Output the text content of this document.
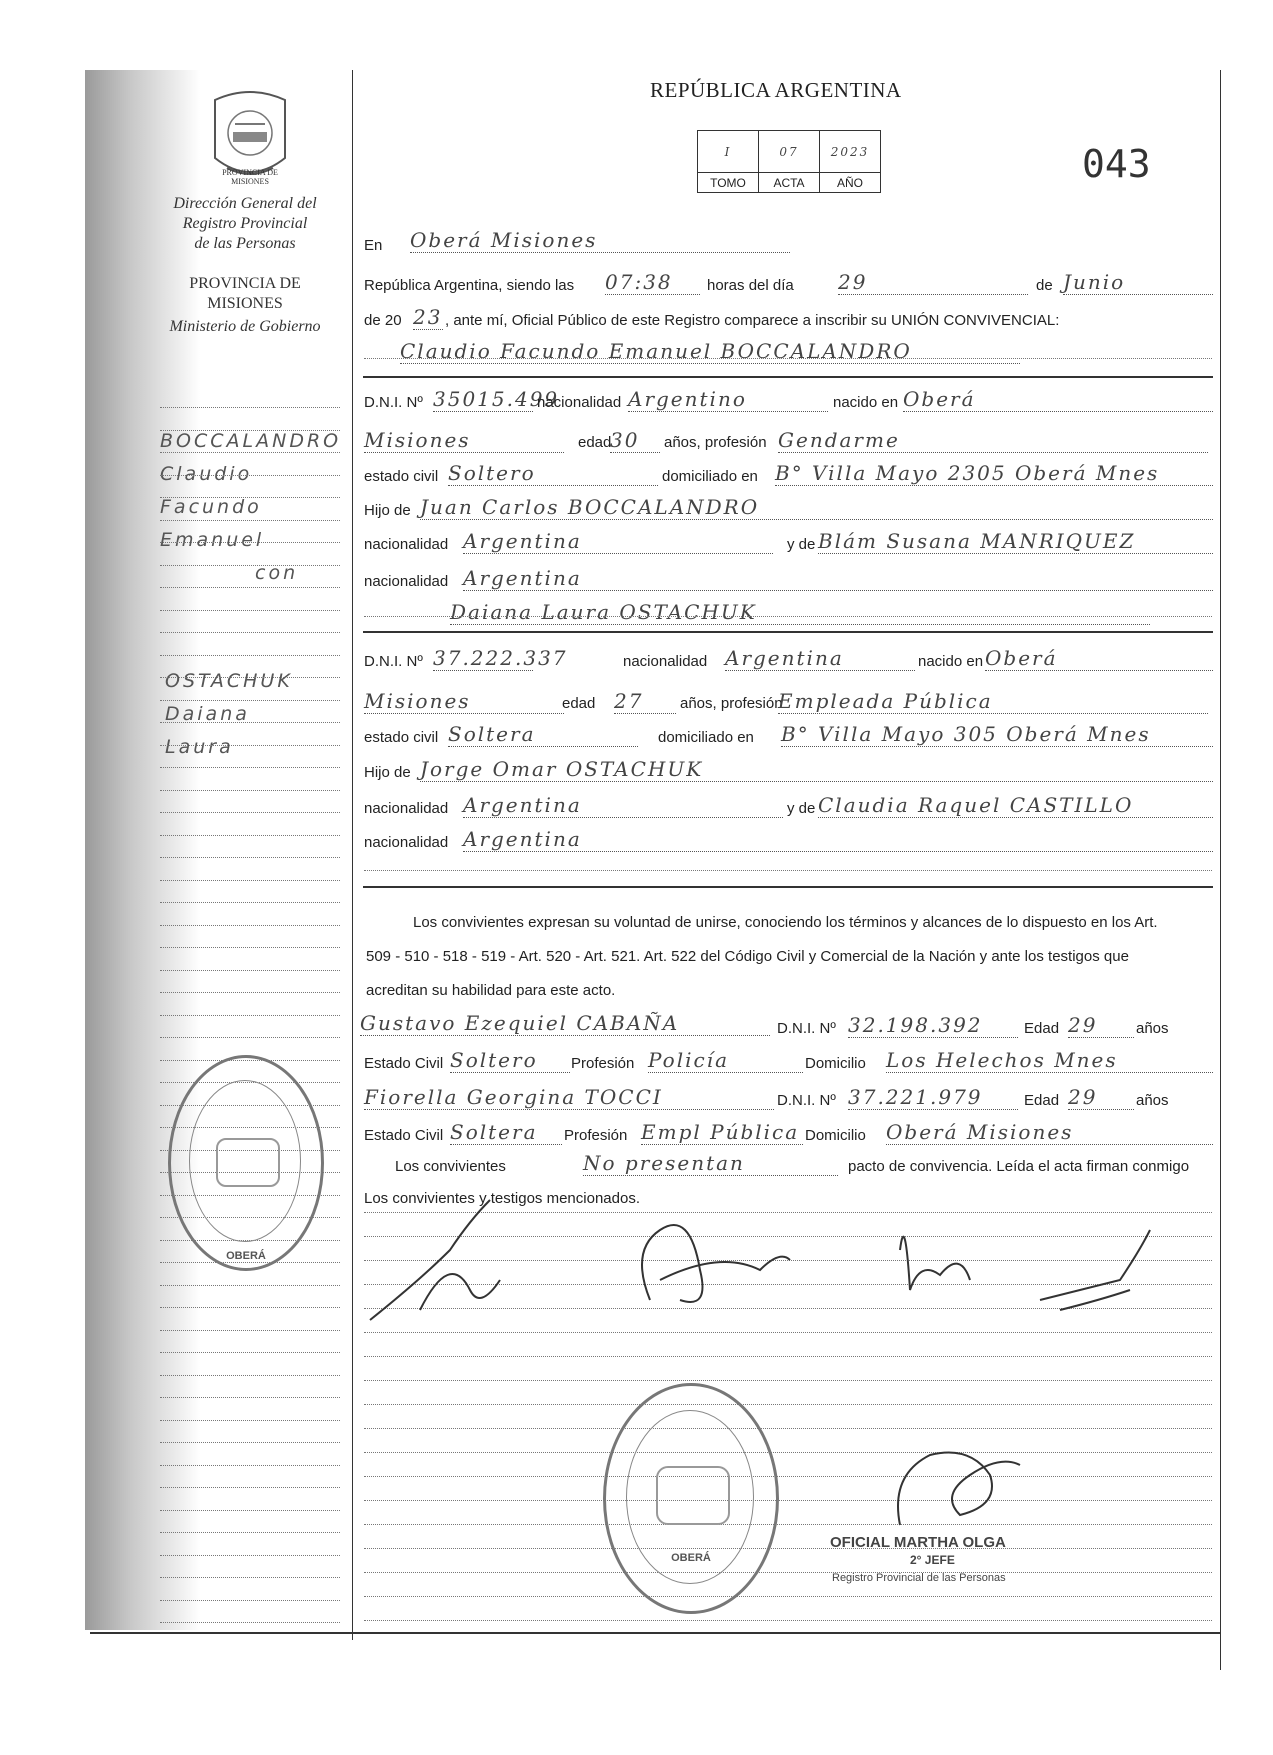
PROVINCIA DE MISIONES
Dirección General del
Registro Provincial
de las Personas
PROVINCIA DE
MISIONES
Ministerio de Gobierno
BOCCALANDRO
Claudio
Facundo
Emanuel
con
OSTACHUK
Daiana
Laura
OBERÁ
REPÚBLICA ARGENTINA
I	07	2023
TOMO	ACTA	AÑO	043
En Oberá Misiones
República Argentina, siendo las 07:38	horas del día 29	de Junio
de 20 23 , ante mí, Oficial Público de este Registro comparece a inscribir su UNIÓN CONVIVENCIAL:
Claudio Facundo Emanuel BOCCALANDRO
D.N.I. Nº 35015.499
nacionalidad Argentino	nacido en Oberá
Misiones	edad
30	años, profesión Gendarme
estado civil Soltero	domiciliado en B° Villa Mayo 2305 Oberá Mnes
Hijo de Juan Carlos BOCCALANDRO
nacionalidad Argentina	y de Blám Susana MANRIQUEZ
nacionalidad Argentina
Daiana Laura OSTACHUK
D.N.I. Nº 37.222.337	nacionalidad Argentina	nacido en Oberá
Misiones	edad 27	años, profesión
Empleada Pública
estado civil Soltera	domiciliado en B° Villa Mayo 305 Oberá Mnes
Hijo de Jorge Omar OSTACHUK
nacionalidad Argentina	y de Claudia Raquel CASTILLO
nacionalidad Argentina
Gustavo Ezequiel CABAÑA	D.N.I. Nº 32.198.392	Edad 29	años
Estado Civil Soltero	Profesión Policía	Domicilio Los Helechos Mnes
Fiorella Georgina TOCCI	D.N.I. Nº 37.221.979	Edad 29	años
Estado Civil Soltera	Profesión Empl Pública Domicilio Oberá Misiones
Los convivientes	No presentan	pacto de convivencia. Leída el acta firman conmigo
Los convivientes y testigos mencionados.
Los convivientes expresan su voluntad de unirse, conociendo los términos y alcances de lo dispuesto en los Art.
509 - 510 - 518 - 519 - Art. 520 - Art. 521. Art. 522 del Código Civil y Comercial de la Nación y ante los testigos que
acreditan su habilidad para este acto.
OBERÁ
OFICIAL MARTHA OLGA
2° JEFE
Registro Provincial de las Personas
